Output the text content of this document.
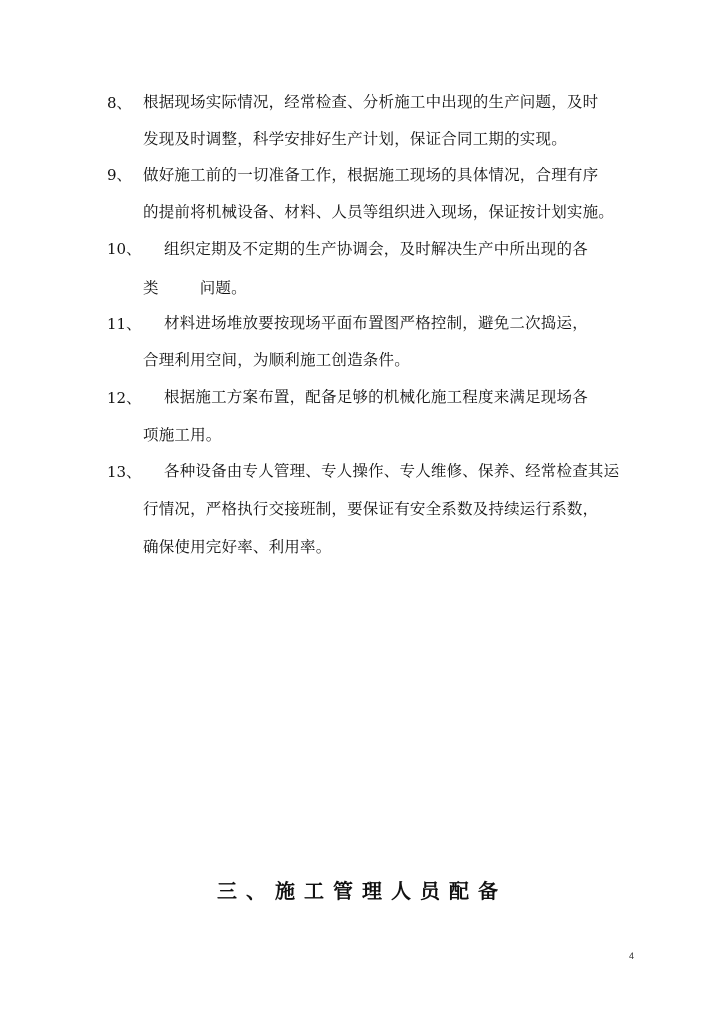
8、 根据现场实际情况，经常检查、分析施工中出现的生产问题，及时
发现及时调整，科学安排好生产计划，保证合同工期的实现。
9、 做好施工前的一切准备工作，根据施工现场的具体情况，合理有序
的提前将机械设备、材料、人员等组织进入现场，保证按计划实施。
10、 组织定期及不定期的生产协调会，及时解决生产中所出现的各
类        问题。
11、 材料进场堆放要按现场平面布置图严格控制，避免二次捣运，
合理利用空间，为顺利施工创造条件。
12、 根据施工方案布置，配备足够的机械化施工程度来满足现场各
项施工用。
13、 各种设备由专人管理、专人操作、专人维修、保养、经常检查其运
行情况，严格执行交接班制，要保证有安全系数及持续运行系数，
确保使用完好率、利用率。
三、施工管理人员配备
4
